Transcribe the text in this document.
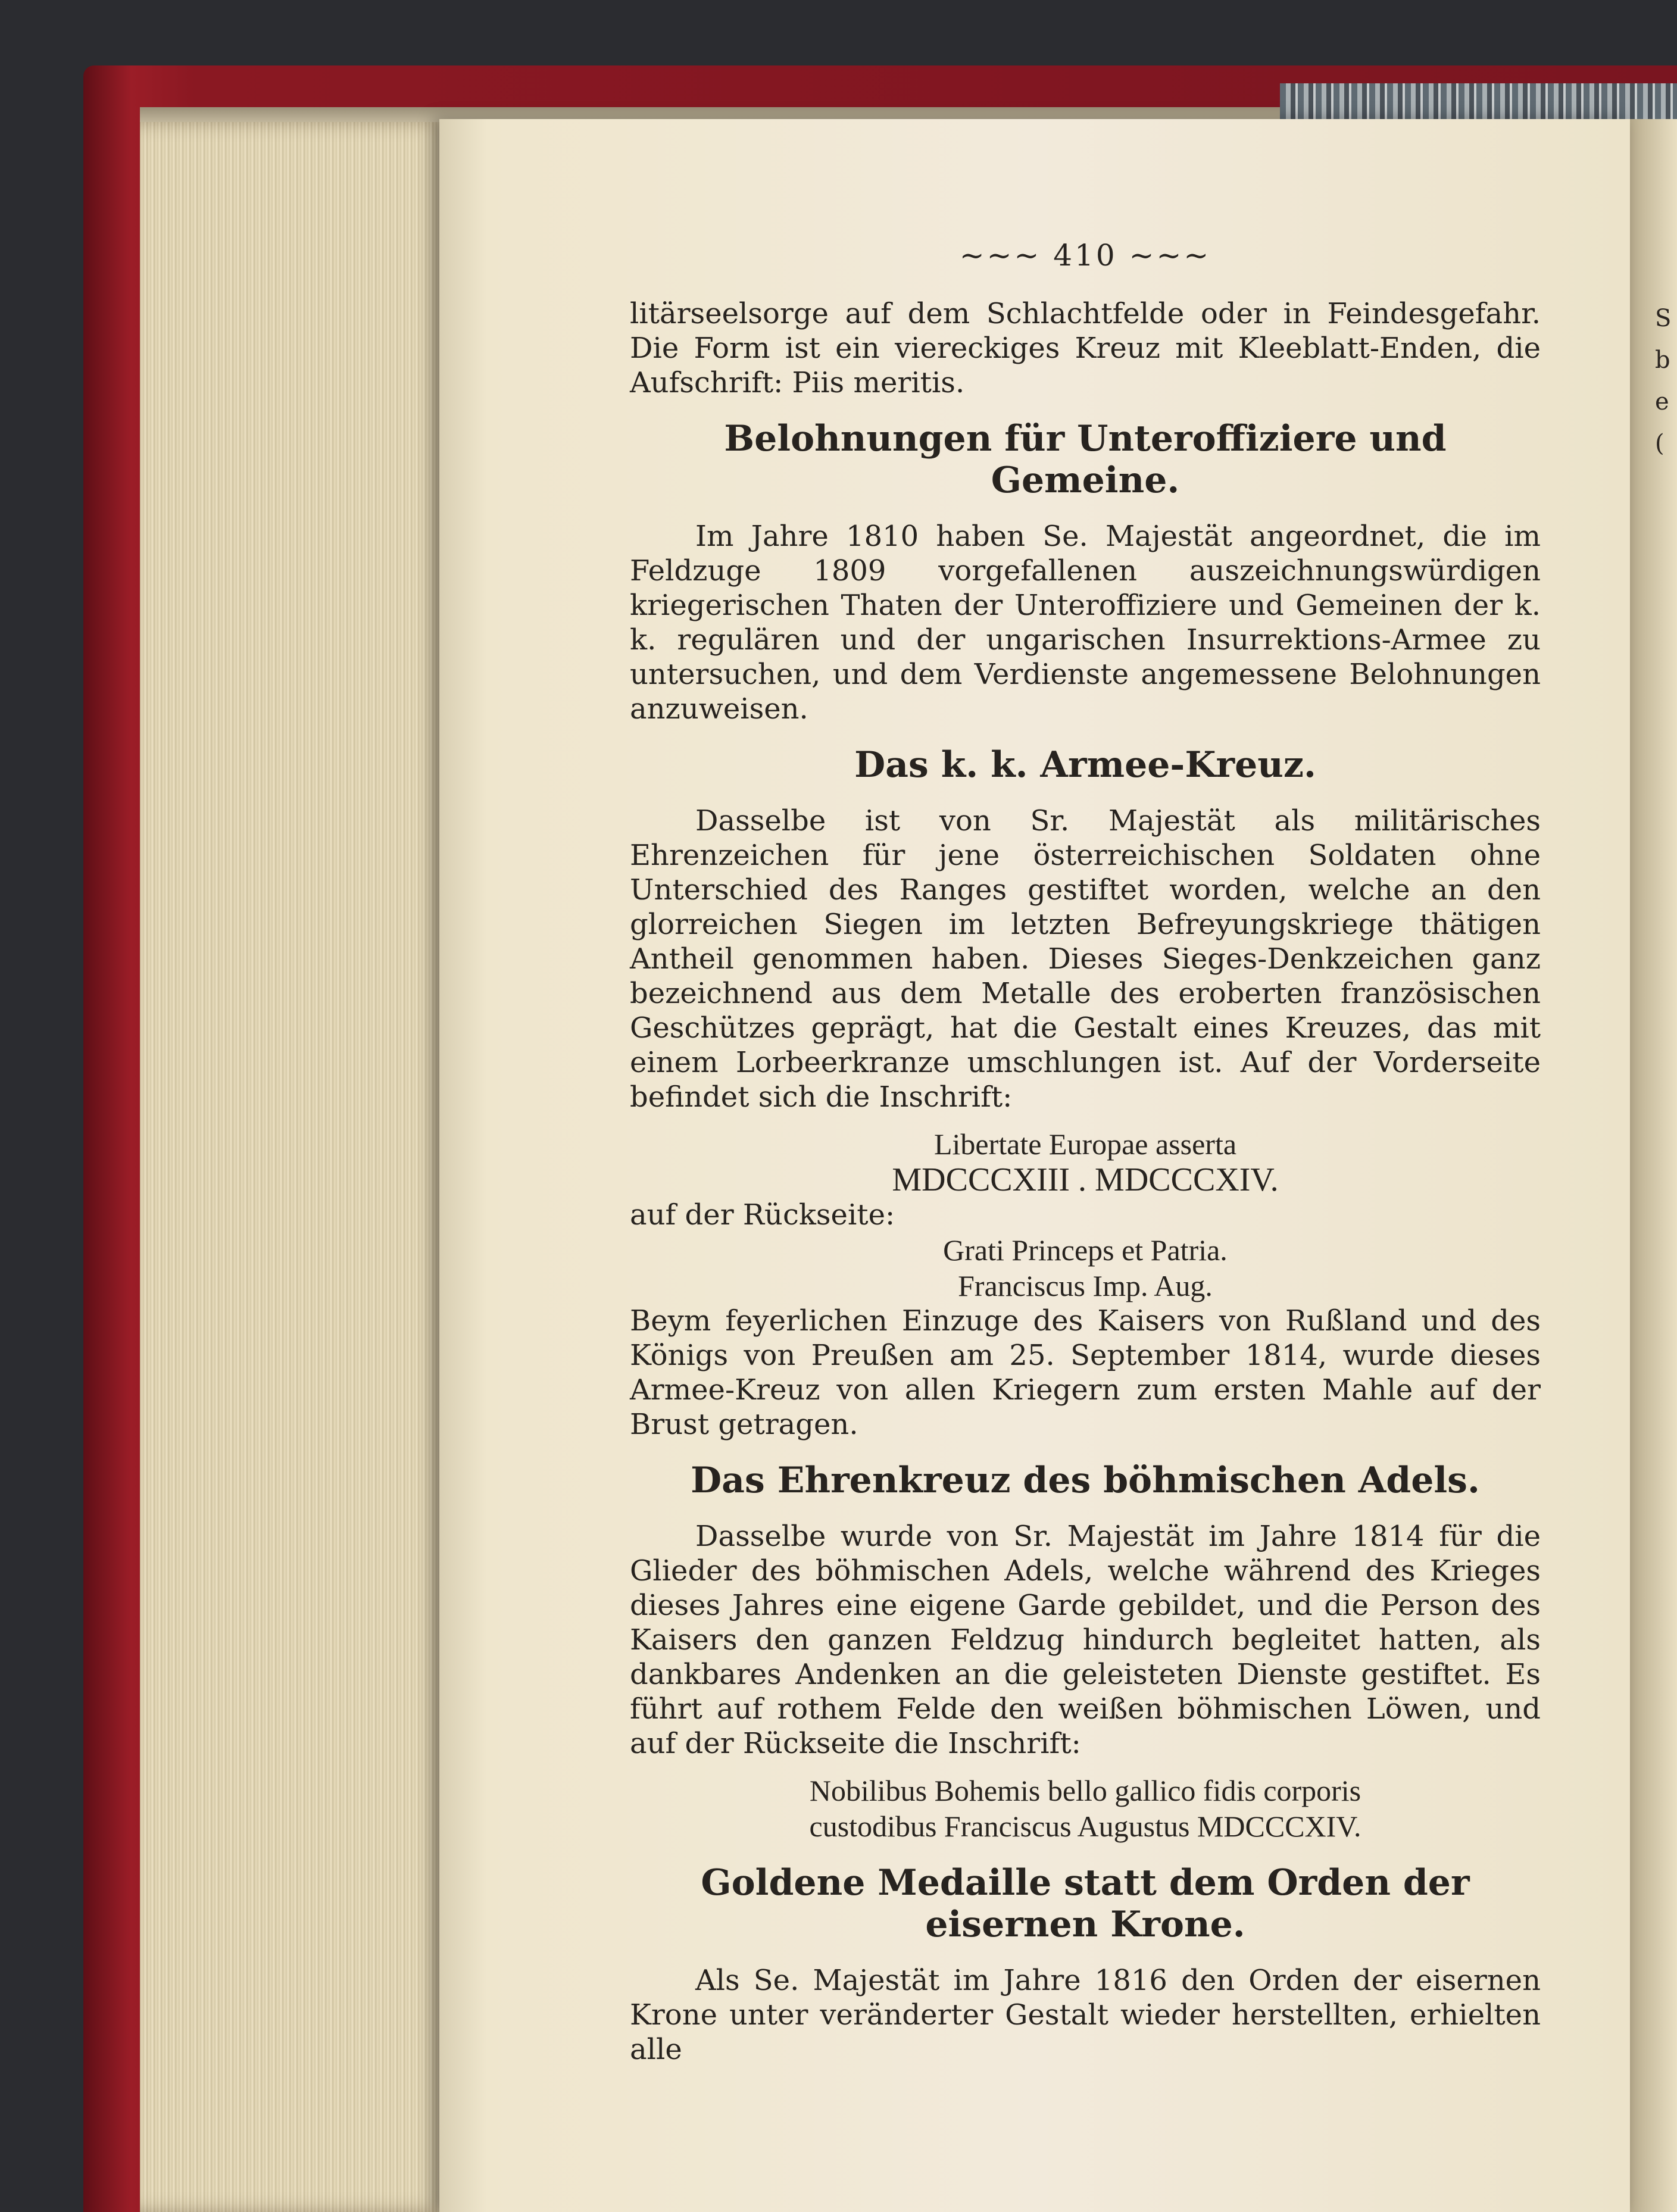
S
b
e
(
~~~ 410 ~~~

litärseelsorge auf dem Schlachtfelde oder in Feindesgefahr. Die Form ist ein viereckiges Kreuz mit Kleeblatt-Enden, die Aufschrift: Piis meritis.

Belohnungen für Unteroffiziere und Gemeine.

Im Jahre 1810 haben Se. Majestät angeordnet, die im Feldzuge 1809 vorgefallenen auszeichnungswürdigen kriegerischen Thaten der Unteroffiziere und Gemeinen der k. k. regulären und der ungarischen Insurrektions-Armee zu untersuchen, und dem Verdienste angemessene Belohnungen anzuweisen.

Das k. k. Armee-Kreuz.

Dasselbe ist von Sr. Majestät als militärisches Ehrenzeichen für jene österreichischen Soldaten ohne Unterschied des Ranges gestiftet worden, welche an den glorreichen Siegen im letzten Befreyungskriege thätigen Antheil genommen haben. Dieses Sieges-Denkzeichen ganz bezeichnend aus dem Metalle des eroberten französischen Geschützes geprägt, hat die Gestalt eines Kreuzes, das mit einem Lorbeerkranze umschlungen ist. Auf der Vorderseite befindet sich die Inschrift:

Libertate Europae asserta

MDCCCXIII . MDCCCXIV.

auf der Rückseite:

Grati Princeps et Patria.

Franciscus Imp. Aug.

Beym feyerlichen Einzuge des Kaisers von Rußland und des Königs von Preußen am 25. September 1814, wurde dieses Armee-Kreuz von allen Kriegern zum ersten Mahle auf der Brust getragen.

Das Ehrenkreuz des böhmischen Adels.

Dasselbe wurde von Sr. Majestät im Jahre 1814 für die Glieder des böhmischen Adels, welche während des Krieges dieses Jahres eine eigene Garde gebildet, und die Person des Kaisers den ganzen Feldzug hindurch begleitet hatten, als dankbares Andenken an die geleisteten Dienste gestiftet. Es führt auf rothem Felde den weißen böhmischen Löwen, und auf der Rückseite die Inschrift:

Nobilibus Bohemis bello gallico fidis corporis

custodibus Franciscus Augustus MDCCCXIV.

Goldene Medaille statt dem Orden der eisernen Krone.

Als Se. Majestät im Jahre 1816 den Orden der eisernen Krone unter veränderter Gestalt wieder herstellten, erhielten alle
